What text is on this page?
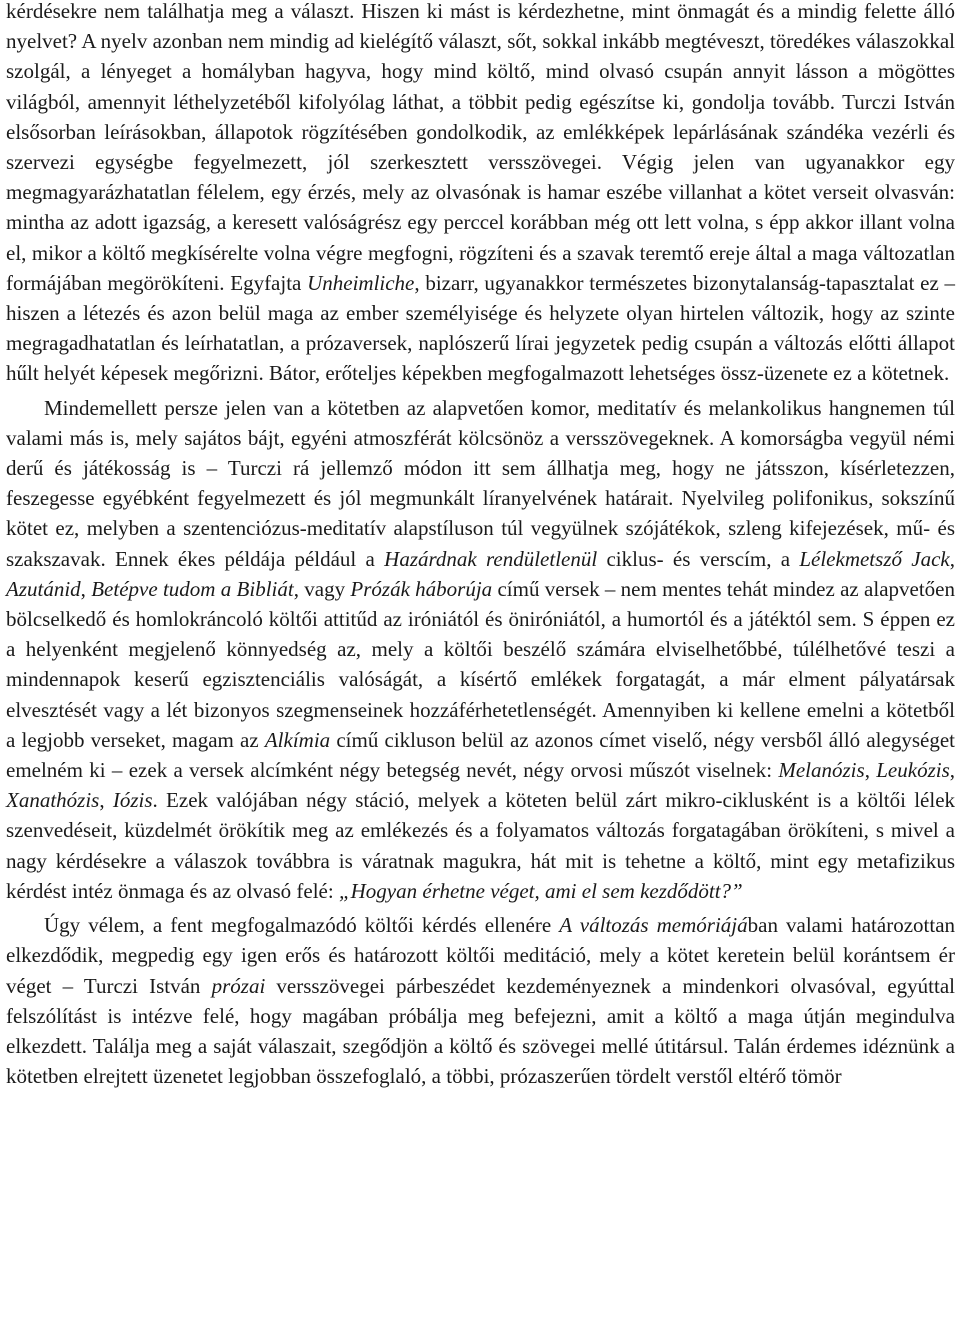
kérdésekre nem találhatja meg a választ. Hiszen ki mást is kérdezhetne, mint önmagát és a mindig felette álló nyelvet? A nyelv azonban nem mindig ad kielégítő választ, sőt, sokkal inkább megtéveszt, töredékes válaszokkal szolgál, a lényeget a homályban hagyva, hogy mind költő, mind olvasó csupán annyit lásson a mögöttes világból, amennyit léthelyzetéből kifolyólag láthat, a többit pedig egészítse ki, gondolja tovább. Turczi István elsősorban leírásokban, állapotok rögzítésében gondolkodik, az emlékképek lepárlásának szándéka vezérli és szervezi egységbe fegyelmezett, jól szerkesztett versszövegei. Végig jelen van ugyanakkor egy megmagyarázhatatlan félelem, egy érzés, mely az olvasónak is hamar eszébe villanhat a kötet verseit olvasván: mintha az adott igazság, a keresett valóságrész egy perccel korábban még ott lett volna, s épp akkor illant volna el, mikor a költő megkísérelte volna végre megfogni, rögzíteni és a szavak teremtő ereje által a maga változatlan formájában megörökíteni. Egyfajta Unheimliche, bizarr, ugyanakkor természetes bizonytalanság-tapasztalat ez – hiszen a létezés és azon belül maga az ember személyisége és helyzete olyan hirtelen változik, hogy az szinte megragadhatatlan és leírhatatlan, a prózaversek, naplószerű lírai jegyzetek pedig csupán a változás előtti állapot hűlt helyét képesek megőrizni. Bátor, erőteljes képekben megfogalmazott lehetséges össz-üzenete ez a kötetnek.

Mindemellett persze jelen van a kötetben az alapvetően komor, meditatív és melankolikus hangnemen túl valami más is, mely sajátos bájt, egyéni atmoszférát kölcsönöz a versszövegeknek. A komorságba vegyül némi derű és játékosság is – Turczi rá jellemző módon itt sem állhatja meg, hogy ne játsszon, kísérletezzen, feszegesse egyébként fegyelmezett és jól megmunkált líranyelvének határait. Nyelvileg polifonikus, sokszínű kötet ez, melyben a szentenciózus-meditatív alapstíluson túl vegyülnek szójátékok, szleng kifejezések, mű- és szakszavak. Ennek ékes példája például a Hazárdnak rendületlenül ciklus- és verscím, a Lélekmetsző Jack, Azutánid, Betépve tudom a Bibliát, vagy Prózák háborúja című versek – nem mentes tehát mindez az alapvetően bölcselkedő és homlokráncoló költői attitűd az iróniától és öniróniától, a humortól és a játéktól sem. S éppen ez a helyenként megjelenő könnyedség az, mely a költői beszélő számára elviselhetőbbé, túlélhetővé teszi a mindennapok keserű egzisztenciális valóságát, a kísértő emlékek forgatagát, a már elment pályatársak elvesztését vagy a lét bizonyos szegmenseinek hozzáférhetetlenségét. Amennyiben ki kellene emelni a kötetből a legjobb verseket, magam az Alkímia című cikluson belül az azonos címet viselő, négy versből álló alegységet emelném ki – ezek a versek alcímként négy betegség nevét, négy orvosi műszót viselnek: Melanózis, Leukózis, Xanathózis, Iózis. Ezek valójában négy stáció, melyek a köteten belül zárt mikro-ciklusként is a költői lélek szenvedéseit, küzdelmét örökítik meg az emlékezés és a folyamatos változás forgatagában örökíteni, s mivel a nagy kérdésekre a válaszok továbbra is váratnak magukra, hát mit is tehetne a költő, mint egy metafizikus kérdést intéz önmaga és az olvasó felé: „Hogyan érhetne véget, ami el sem kezdődött?”

Úgy vélem, a fent megfogalmazódó költői kérdés ellenére A változás memóriájában valami határozottan elkezdődik, megpedig egy igen erős és határozott költői meditáció, mely a kötet keretein belül korántsem ér véget – Turczi István prózai versszövegei párbeszédet kezdeményeznek a mindenkori olvasóval, egyúttal felszólítást is intézve felé, hogy magában próbálja meg befejezni, amit a költő a maga útján megindulva elkezdett. Találja meg a saját válaszait, szegődjön a költő és szövegei mellé útitársul. Talán érdemes idéznünk a kötetben elrejtett üzenetet legjobban összefoglaló, a többi, prózaszerűen tördelt verstől eltérő tömör
